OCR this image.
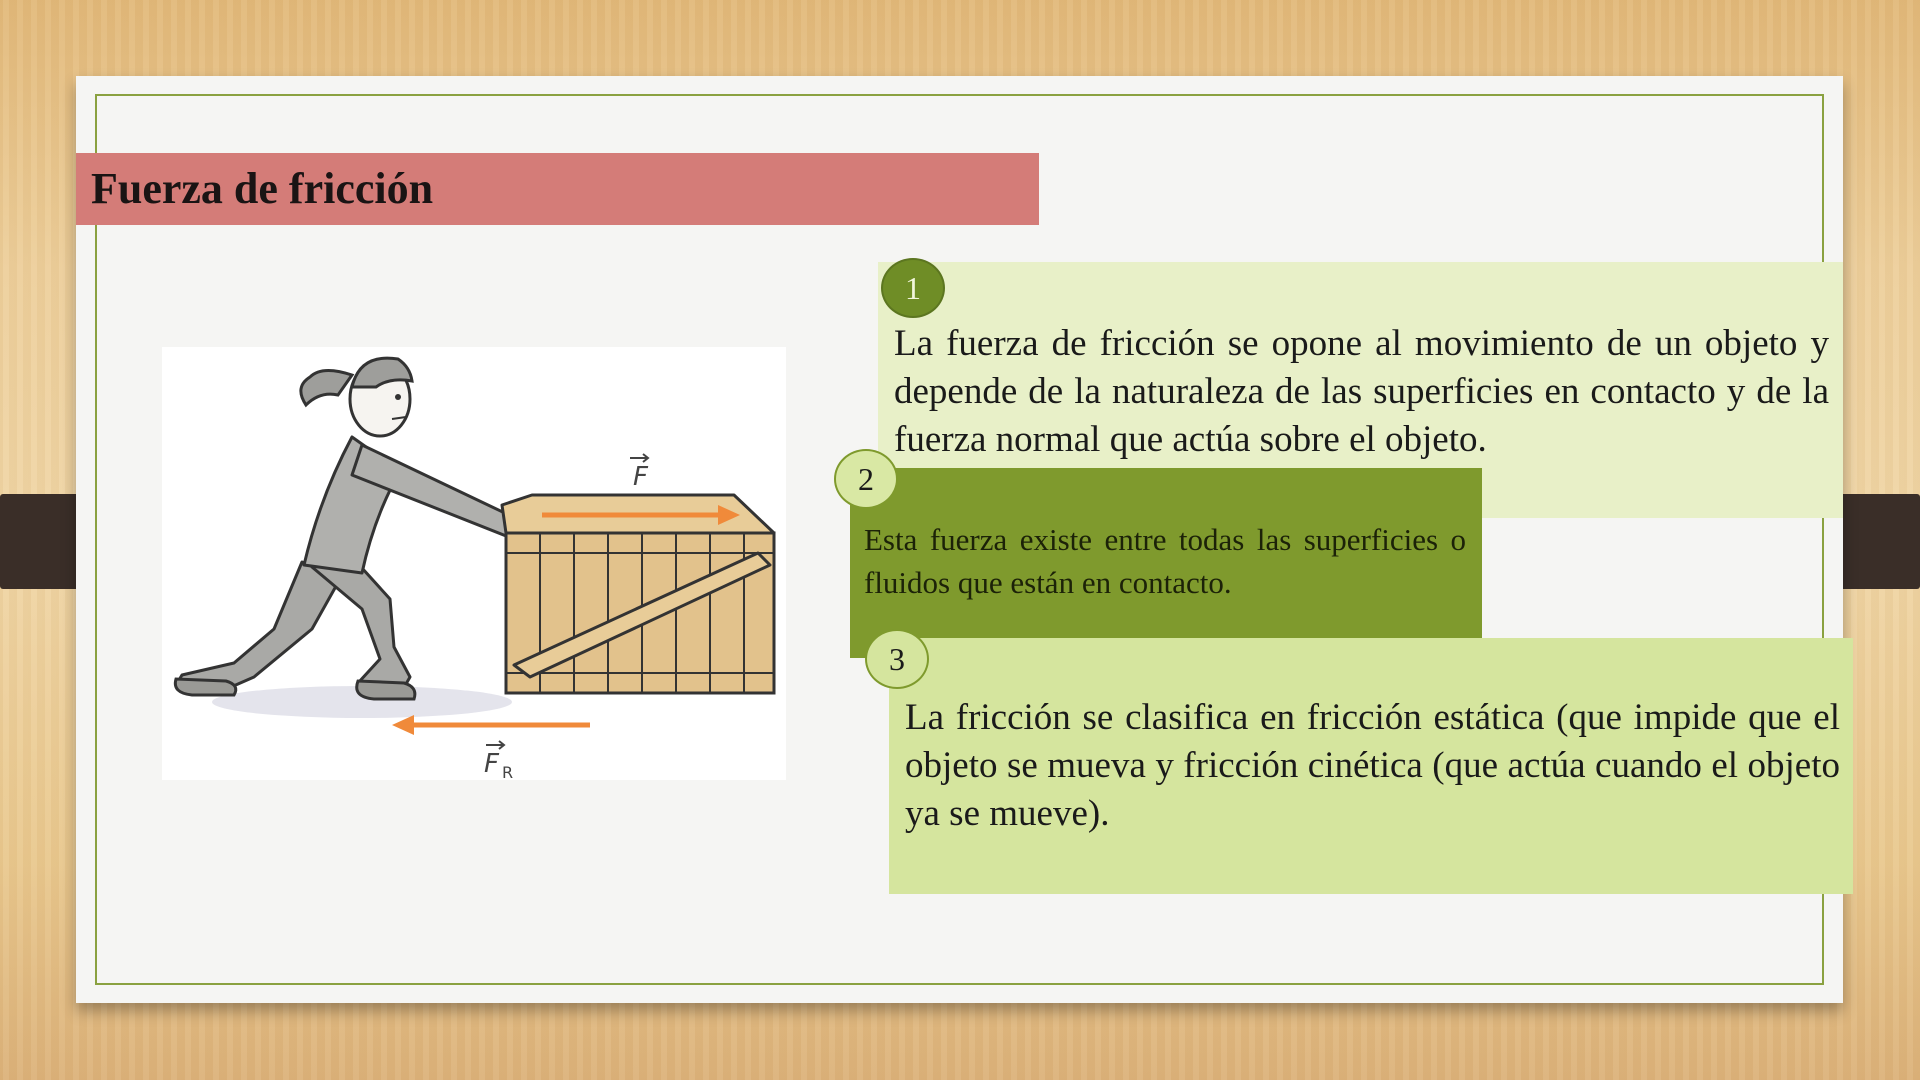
Fuerza de fricción
F
F R

La fuerza de fricción se opone al movimiento de un objeto y depende de la naturaleza de las superficies en contacto y de la fuerza normal que actúa sobre el objeto.

Esta fuerza existe entre todas las superficies o fluidos que están en contacto.

La fricción se clasifica en fricción estática (que impide que el objeto se mueva y fricción cinética (que actúa cuando el objeto ya se mueve).

1
2
3
